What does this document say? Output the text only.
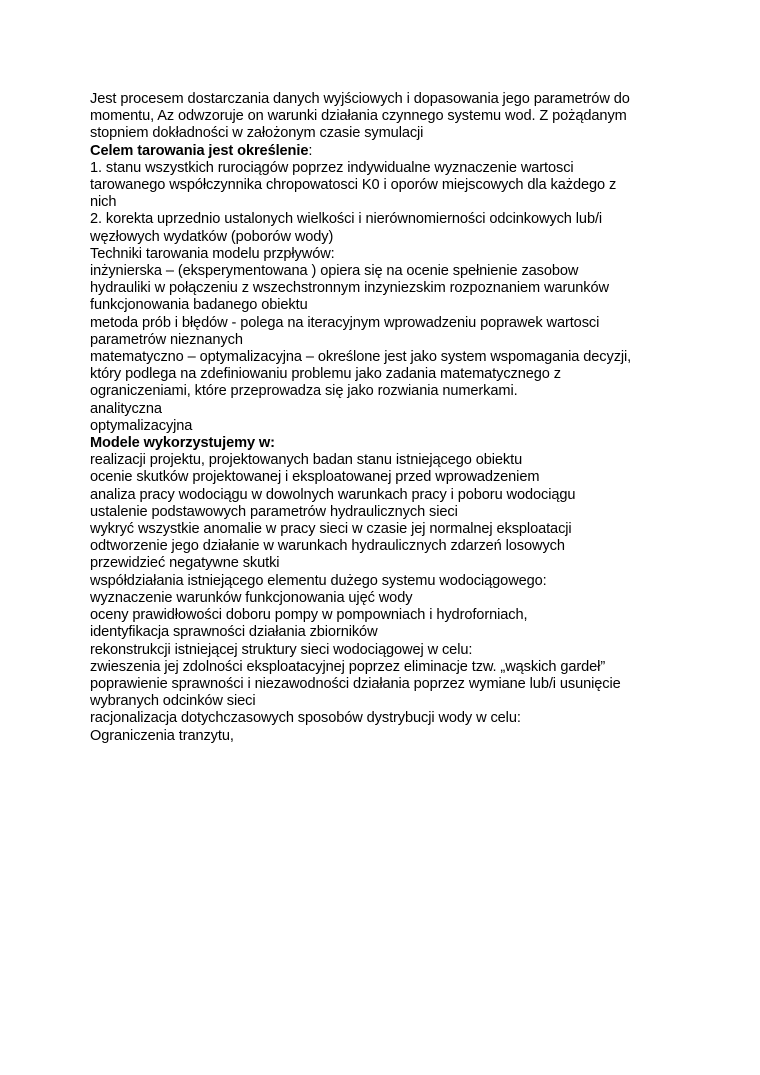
Jest procesem dostarczania danych wyjściowych i dopasowania jego parametrów do
momentu, Az odwzoruje on warunki działania czynnego systemu wod. Z pożądanym
stopniem dokładności w założonym czasie symulacji
Celem tarowania jest określenie:
1. stanu wszystkich rurociągów poprzez indywidualne wyznaczenie wartosci
tarowanego współczynnika chropowatosci K0 i oporów miejscowych dla każdego z
nich
2. korekta uprzednio ustalonych wielkości i nierównomierności odcinkowych lub/i
węzłowych wydatków (poborów wody)
Techniki tarowania modelu przpływów:
inżynierska – (eksperymentowana ) opiera się na ocenie spełnienie zasobow
hydrauliki w połączeniu z wszechstronnym inzyniezskim rozpoznaniem warunków
funkcjonowania badanego obiektu
metoda prób i błędów - polega na iteracyjnym wprowadzeniu poprawek wartosci
parametrów nieznanych
matematyczno – optymalizacyjna – określone jest jako system wspomagania decyzji,
który podlega na zdefiniowaniu problemu jako zadania matematycznego z
ograniczeniami, które przeprowadza się jako rozwiania numerkami.
analityczna
optymalizacyjna
Modele wykorzystujemy w:
realizacji projektu, projektowanych badan stanu istniejącego obiektu
ocenie skutków projektowanej i eksploatowanej przed wprowadzeniem
analiza pracy wodociągu w dowolnych warunkach pracy i poboru wodociągu
ustalenie podstawowych parametrów hydraulicznych sieci
wykryć wszystkie anomalie w pracy sieci w czasie jej normalnej eksploatacji
odtworzenie jego działanie w warunkach hydraulicznych zdarzeń losowych
przewidzieć negatywne skutki
współdziałania istniejącego elementu dużego systemu wodociągowego:
wyznaczenie warunków funkcjonowania ujęć wody
oceny prawidłowości doboru pompy w pompowniach i hydroforniach,
identyfikacja sprawności działania zbiorników
rekonstrukcji istniejącej struktury sieci wodociągowej w celu:
zwieszenia jej zdolności eksploatacyjnej poprzez eliminacje tzw. „wąskich gardeł”
poprawienie sprawności i niezawodności działania poprzez wymiane lub/i usunięcie
wybranych odcinków sieci
racjonalizacja dotychczasowych sposobów dystrybucji wody w celu:
Ograniczenia tranzytu,
